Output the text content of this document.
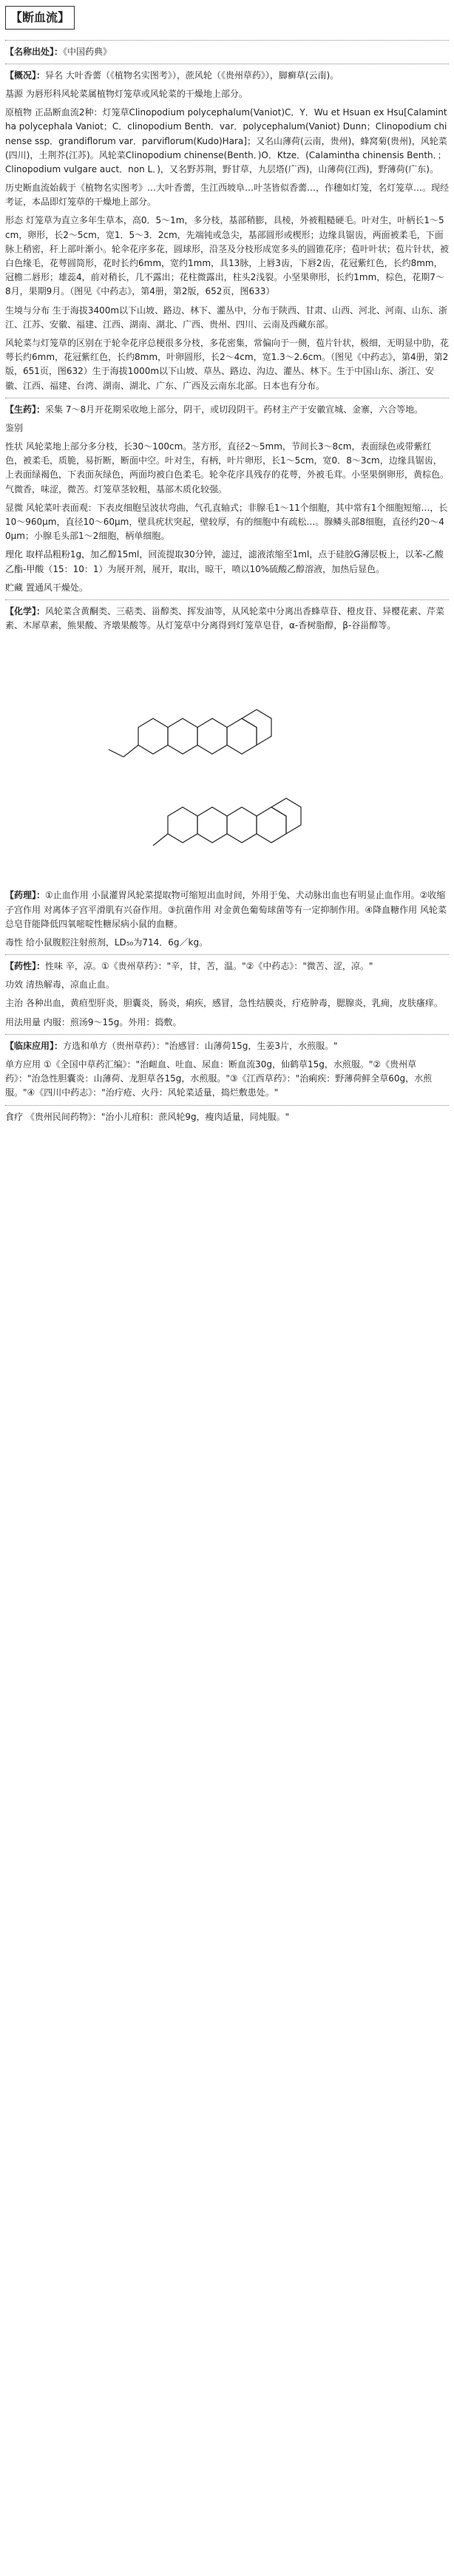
【断血流】
【名称出处】：《中国药典》
【概况】：异名 大叶香薷（《植物名实图考》），蔗风轮（《贵州草药》），脚癣草(云南)。
基源 为唇形科风轮菜属植物灯笼草或风轮菜的干燥地上部分。
原植物 正品断血流2种：灯笼草Clinopodium polycephalum(Vaniot)C．Y．Wu et Hsuan ex Hsu[Calamintha polycephala Vaniot；C．clinopodium Benth．var．polycephalum(Vaniot) Dunn；Clinopodium chinense ssp．grandiflorum var．parviflorum(Kudo)Hara]；又名山薄荷(云南，贵州)，蜂窝菊(贵州)，风轮菜(四川)，土荆芥(江苏)。风轮菜Clinopodium chinense(Benth．)O．Ktze．(Calamintha chinensis Benth．；Clinopodium vulgare auct．non L．)，又名野苏荆，野甘草，九层塔(广西)，山薄荷(江西)，野薄荷(广东)。
历史断血流始载于《植物名实图考》…大叶香薷，生江西坡阜…叶茎皆似香薷…，作穗如灯笼，名灯笼草…。现经考证，本品即灯笼草的干燥地上部分。
形态 灯笼草为直立多年生草本，高0．5～1m，多分枝，基部稍膨，具棱，外被粗糙硬毛。叶对生，叶柄长1～5cm，卵形，长2～5cm，宽1．5～3．2cm，先端钝或急尖，基部圆形或楔形；边缘具锯齿，两面被柔毛，下面脉上稍密，秆上部叶渐小。轮伞花序多花，圆球形，沿茎及分枝形成宽多头的圆锥花序；苞叶叶状；苞片针状，被白色缘毛，花萼圆筒形，花时长约6mm，宽约1mm，具13脉，上唇3齿，下唇2齿，花冠紫红色，长约8mm，冠檐二唇形；雄蕊4，前对稍长，几不露出；花柱微露出，柱头2浅裂。小坚果卵形，长约1mm，棕色，花期7～8月，果期9月。（图见《中药志》，第4册，第2版，652页，图633）
生境与分布 生于海拔3400m以下山坡、路边、林下、灌丛中，分布于陕西、甘肃、山西、河北、河南、山东、浙江、江苏、安徽、福建、江西、湖南、湖北、广西、贵州、四川、云南及西藏东部。
风轮菜与灯笼草的区别在于轮伞花序总梗很多分枝，多花密集，常偏向于一侧，苞片针状，极细，无明显中肋，花萼长约6mm，花冠紫红色，长约8mm，叶卵圆形，长2～4cm，宽1.3～2.6cm。（图见《中药志》，第4册，第2版，651页，图632）生于海拔1000m以下山坡、草丛、路边、沟边、灌丛、林下。生于中国山东、浙江、安徽、江西、福建、台湾、湖南、湖北、广东、广西及云南东北部。日本也有分布。
【生药】：采集 7～8月开花期采收地上部分，阴干，或切段阴干。药材主产于安徽宣城、金寨，六合等地。
鉴别
性状 风轮菜地上部分多分枝，长30～100cm。茎方形，直径2～5mm，节间长3～8cm，表面绿色或带紫红色，被柔毛，质脆，易折断，断面中空。叶对生，有柄，叶片卵形，长1～5cm，宽0．8～3cm，边缘具锯齿，上表面绿褐色，下表面灰绿色，两面均被白色柔毛。轮伞花序具残存的花萼，外被毛茸。小坚果倒卵形，黄棕色。气微香，味涩，微苦。灯笼草茎较粗，基部木质化较强。
显微 风轮菜叶表面观：下表皮细胞呈波状弯曲，气孔直轴式；非腺毛1～11个细胞，其中常有1个细胞短缩…，长10～960µm，直径10～60µm，壁具疣状突起，壁较厚，有的细胞中有疏松…。腺鳞头部8细胞，直径约20～40µm；小腺毛头部1～2细胞，柄单细胞。
理化 取样品粗粉1g，加乙醇15ml，回流提取30分钟，滤过，滤液浓缩至1ml，点于硅胶G薄层板上，以苯-乙酸乙酯-甲酸（15：10：1）为展开剂，展开，取出，晾干，喷以10%硫酸乙醇溶液，加热后显色。
贮藏 置通风干燥处。
【化学】：风轮菜含黄酮类、三萜类、甾醇类、挥发油等，从风轮菜中分离出香蜂草苷、橙皮苷、异樱花素、芹菜素、木犀草素，熊果酸、齐墩果酸等。从灯笼草中分离得到灯笼草皂苷，α-香树脂醇，β-谷甾醇等。
【药理】：①止血作用 小鼠灌胃风轮菜提取物可缩短出血时间，外用于兔、犬动脉出血也有明显止血作用。②收缩子宫作用 对离体子宫平滑肌有兴奋作用。③抗菌作用 对金黄色葡萄球菌等有一定抑制作用。④降血糖作用 风轮菜总皂苷能降低四氧嘧啶性糖尿病小鼠的血糖。
毒性 给小鼠腹腔注射煎剂，LD₅₀为714．6g／kg。
【药性】：性味 辛，凉。①《贵州草药》："辛，甘，苦，温。"②《中药志》："微苦、涩，凉。"
功效 清热解毒，凉血止血。
主治 各种出血，黄疸型肝炎，胆囊炎，肠炎，痢疾，感冒，急性结膜炎，疔疮肿毒，腮腺炎，乳痈，皮肤瘙痒。
用法用量 内服：煎汤9～15g。外用：捣敷。
【临床应用】：方选和单方（贵州草药）："治感冒：山薄荷15g，生姜3片，水煎服。"
单方应用 ①《全国中草药汇编》："治衄血、吐血、尿血：断血流30g，仙鹤草15g，水煎服。"②《贵州草药》："治急性胆囊炎：山薄荷、龙胆草各15g，水煎服。"③《江西草药》："治痢疾：野薄荷鲜全草60g，水煎服。"④《四川中药志》："治疔疮、火丹：风轮菜适量，捣烂敷患处。"
食疗 《贵州民间药物》："治小儿疳积：蔗风轮9g，瘦肉适量，同炖服。"
